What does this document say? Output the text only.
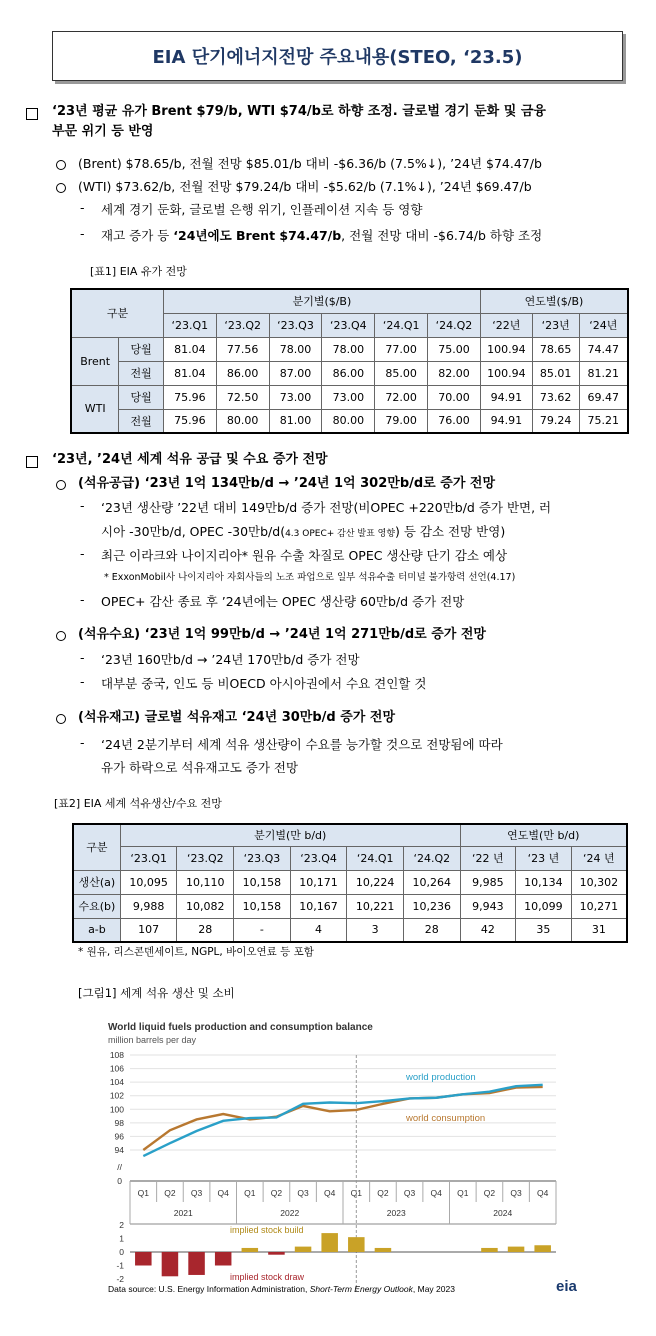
EIA 단기에너지전망 주요내용(STEO, ‘23.5)
‘23년 평균 유가 Brent $79/b, WTI $74/b로 하향 조정. 글로벌 경기 둔화 및 금융
부문 위기 등 반영
(Brent) $78.65/b, 전월 전망 $85.01/b 대비 -$6.36/b (7.5%↓), ’24년 $74.47/b
(WTI) $73.62/b, 전월 전망 $79.24/b 대비 -$5.62/b (7.1%↓), ’24년 $69.47/b
- 세계 경기 둔화, 글로벌 은행 위기, 인플레이션 지속 등 영향
- 재고 증가 등 ‘24년에도 Brent $74.47/b, 전월 전망 대비 -$6.74/b 하향 조정
[표1] EIA 유가 전망
구분		분기별($/B)						연도별($/B)		
		‘23.Q1	‘23.Q2	‘23.Q3	‘23.Q4	‘24.Q1	‘24.Q2	‘22년	‘23년	‘24년
Brent	당월	81.04	77.56	78.00	78.00	77.00	75.00	100.94	78.65	74.47
	전월	81.04	86.00	87.00	86.00	85.00	82.00	100.94	85.01	81.21
WTI	당월	75.96	72.50	73.00	73.00	72.00	70.00	94.91	73.62	69.47
	전월	75.96	80.00	81.00	80.00	79.00	76.00	94.91	79.24	75.21
‘23년, ’24년 세계 석유 공급 및 수요 증가 전망
(석유공급) ‘23년 1억 134만b/d → ’24년 1억 302만b/d로 증가 전망
- ‘23년 생산량 ’22년 대비 149만b/d 증가 전망(비OPEC +220만b/d 증가 반면, 러
시아 -30만b/d, OPEC -30만b/d(4.3 OPEC+ 감산 발표 영향) 등 감소 전망 반영)
- 최근 이라크와 나이지리아* 원유 수출 차질로 OPEC 생산량 단기 감소 예상
* ExxonMobil사 나이지리아 자회사들의 노조 파업으로 일부 석유수출 터미널 불가항력 선언(4.17)
- OPEC+ 감산 종료 후 ’24년에는 OPEC 생산량 60만b/d 증가 전망
(석유수요) ‘23년 1억 99만b/d → ’24년 1억 271만b/d로 증가 전망
- ‘23년 160만b/d → ’24년 170만b/d 증가 전망
- 대부분 중국, 인도 등 비OECD 아시아권에서 수요 견인할 것
(석유재고) 글로벌 석유재고 ‘24년 30만b/d 증가 전망
- ‘24년 2분기부터 세계 석유 생산량이 수요를 능가할 것으로 전망됨에 따라
유가 하락으로 석유재고도 증가 전망
[표2] EIA 세계 석유생산/수요 전망
구분	분기별(만 b/d)						연도별(만 b/d)		
	‘23.Q1	‘23.Q2	‘23.Q3	‘23.Q4	‘24.Q1	‘24.Q2	‘22 년	‘23 년	‘24 년
생산(a)	10,095	10,110	10,158	10,171	10,224	10,264	9,985	10,134	10,302
수요(b)	9,988	10,082	10,158	10,167	10,221	10,236	9,943	10,099	10,271
a-b	107	28	-	4	3	28	42	35	31
* 원유, 리스콘덴세이트, NGPL, 바이오연료 등 포함
[그림1] 세계 석유 생산 및 소비
World liquid fuels production and consumption balance
million barrels per day
108
106
104
102
100
98
96
94
//
0
Q1 Q2 Q3 Q4 Q1 Q2 Q3 Q4 Q1 Q2 Q3 Q4 Q1 Q2 Q3 Q4
2021	2022	2023	2024
2
1
0
-1
-2
world production
world consumption
implied stock build
implied stock draw
Data source: U.S. Energy Information Administration, Short-Term Energy Outlook, May 2023	eia
